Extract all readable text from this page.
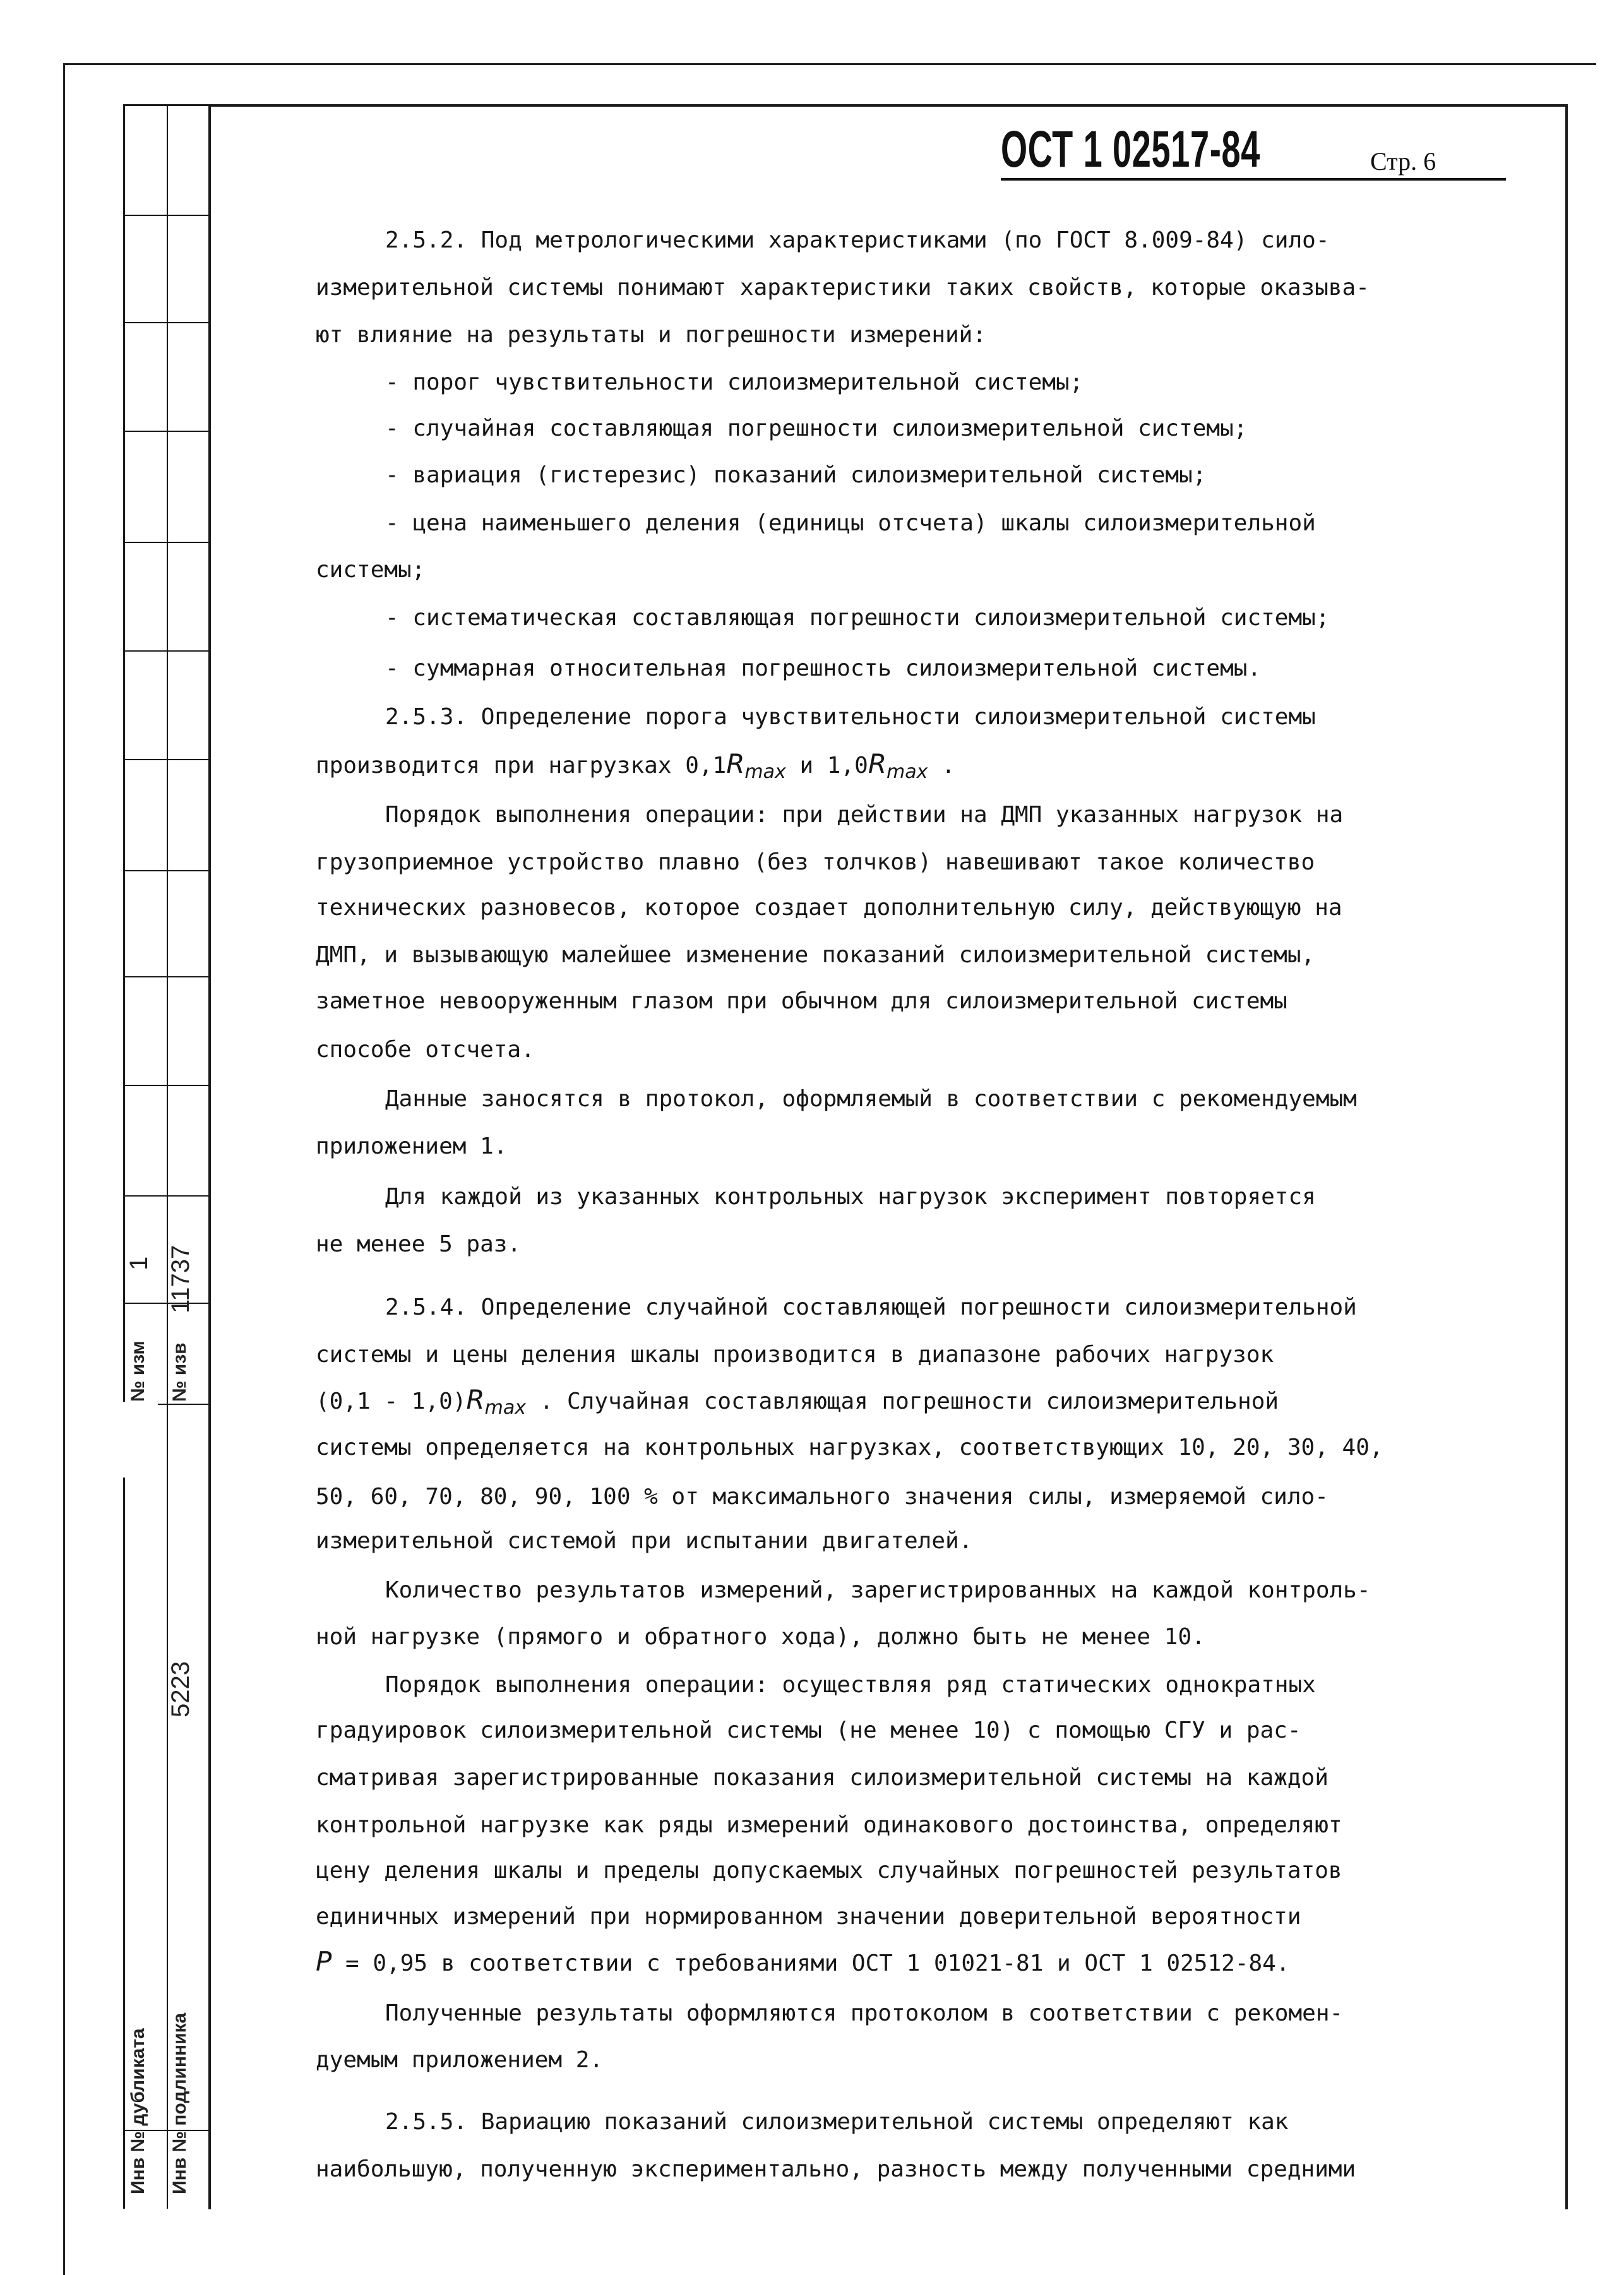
1
№ изм
11737
№ изв
5223
Инв № дубликата Инв № подлинника
ОСТ 1 02517-84	Стр. 6
2.5.2. Под метрологическими характеристиками (по ГОСТ 8.009-84) сило-
измерительной системы понимают характеристики таких свойств, которые оказыва-
ют влияние на результаты и погрешности измерений:
- порог чувствительности силоизмерительной системы;
- случайная составляющая погрешности силоизмерительной системы;
- вариация (гистерезис) показаний силоизмерительной системы;
- цена наименьшего деления (единицы отсчета) шкалы силоизмерительной
системы;
- систематическая составляющая погрешности силоизмерительной системы;
- суммарная относительная погрешность силоизмерительной системы.
2.5.3. Определение порога чувствительности силоизмерительной системы
производится при нагрузках $0,1R_{max}$ и $1,0R_{max}$ .
Порядок выполнения операции: при действии на ДМП указанных нагрузок на
грузоприемное устройство плавно (без толчков) навешивают такое количество
технических разновесов, которое создает дополнительную силу, действующую на
ДМП, и вызывающую малейшее изменение показаний силоизмерительной системы,
заметное невооруженным глазом при обычном для силоизмерительной системы
способе отсчета.
Данные заносятся в протокол, оформляемый в соответствии с рекомендуемым
приложением 1.
Для каждой из указанных контрольных нагрузок эксперимент повторяется
не менее 5 раз.
2.5.4. Определение случайной составляющей погрешности силоизмерительной
системы и цены деления шкалы производится в диапазоне рабочих нагрузок
$(0,1 - 1,0)R_{max}$ . Случайная составляющая погрешности силоизмерительной
системы определяется на контрольных нагрузках, соответствующих 10, 20, 30, 40,
50, 60, 70, 80, 90, 100 % от максимального значения силы, измеряемой сило-
измерительной системой при испытании двигателей.
Количество результатов измерений, зарегистрированных на каждой контроль-
ной нагрузке (прямого и обратного хода), должно быть не менее 10.
Порядок выполнения операции: осуществляя ряд статических однократных
градуировок силоизмерительной системы (не менее 10) с помощью СГУ и рас-
сматривая зарегистрированные показания силоизмерительной системы на каждой
контрольной нагрузке как ряды измерений одинакового достоинства, определяют
цену деления шкалы и пределы допускаемых случайных погрешностей результатов
единичных измерений при нормированном значении доверительной вероятности
P = 0,95 в соответствии с требованиями ОСТ 1 01021-81 и ОСТ 1 02512-84.
Полученные результаты оформляются протоколом в соответствии с рекомен-
дуемым приложением 2.
2.5.5. Вариацию показаний силоизмерительной системы определяют как
наибольшую, полученную экспериментально, разность между полученными средними
